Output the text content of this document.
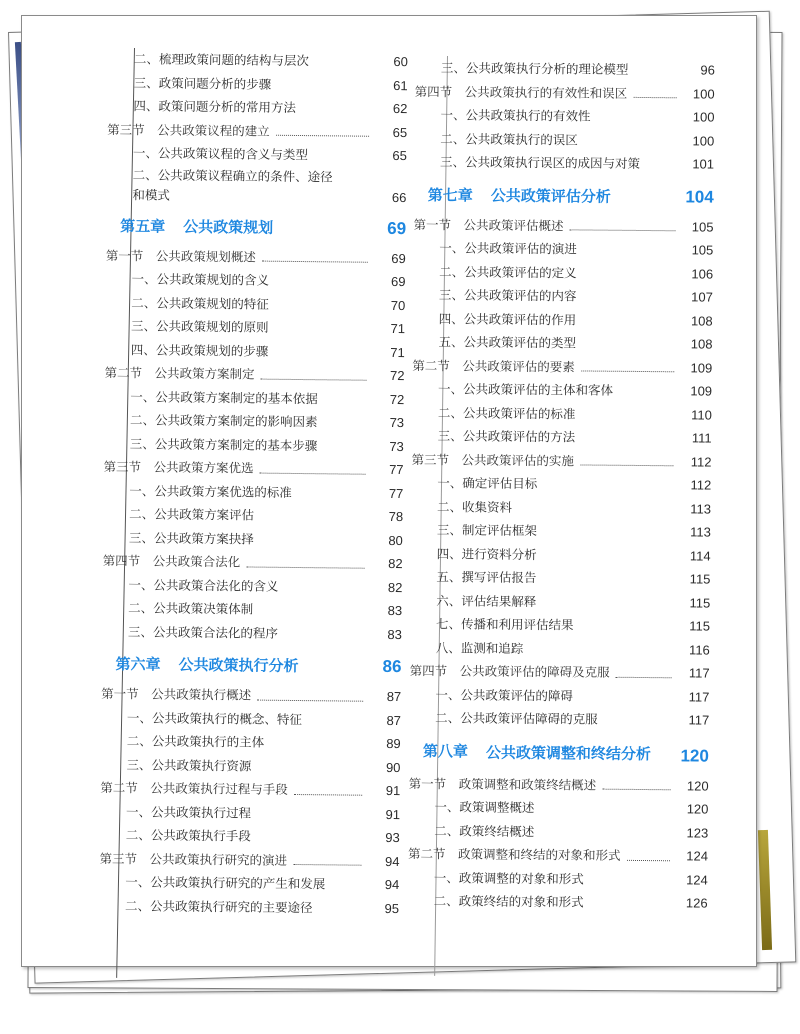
二、梳理政策问题的结构与层次	60
三、政策问题分析的步骤	61
四、政策问题分析的常用方法	62
第三节　公共政策议程的建立	65
一、公共政策议程的含义与类型	65
二、公共政策议程确立的条件、途径和模式	66
第五章 公共政策规划	69
第一节　公共政策规划概述	69
一、公共政策规划的含义	69
二、公共政策规划的特征	70
三、公共政策规划的原则	71
四、公共政策规划的步骤	71
第二节　公共政策方案制定	72
一、公共政策方案制定的基本依据	72
二、公共政策方案制定的影响因素	73
三、公共政策方案制定的基本步骤	73
第三节　公共政策方案优选	77
一、公共政策方案优选的标准	77
二、公共政策方案评估	78
三、公共政策方案抉择	80
第四节　公共政策合法化	82
一、公共政策合法化的含义	82
二、公共政策决策体制	83
三、公共政策合法化的程序	83
第六章 公共政策执行分析	86
第一节　公共政策执行概述	87
一、公共政策执行的概念、特征	87
二、公共政策执行的主体	89
三、公共政策执行资源	90
第二节　公共政策执行过程与手段	91
一、公共政策执行过程	91
二、公共政策执行手段	93
第三节　公共政策执行研究的演进	94
一、公共政策执行研究的产生和发展	94
二、公共政策执行研究的主要途径	95
三、公共政策执行分析的理论模型	96
第四节　公共政策执行的有效性和误区	100
一、公共政策执行的有效性	100
二、公共政策执行的误区	100
三、公共政策执行误区的成因与对策	101
第七章 公共政策评估分析	104
第一节　公共政策评估概述	105
一、公共政策评估的演进	105
二、公共政策评估的定义	106
三、公共政策评估的内容	107
四、公共政策评估的作用	108
五、公共政策评估的类型	108
第二节　公共政策评估的要素	109
一、公共政策评估的主体和客体	109
二、公共政策评估的标准	110
三、公共政策评估的方法	111
第三节　公共政策评估的实施	112
一、确定评估目标	112
二、收集资料	113
三、制定评估框架	113
四、进行资料分析	114
五、撰写评估报告	115
六、评估结果解释	115
七、传播和利用评估结果	115
八、监测和追踪	116
第四节　公共政策评估的障碍及克服	117
一、公共政策评估的障碍	117
二、公共政策评估障碍的克服	117
第八章 公共政策调整和终结分析	120
第一节　政策调整和政策终结概述	120
一、政策调整概述	120
二、政策终结概述	123
第二节　政策调整和终结的对象和形式	124
一、政策调整的对象和形式	124
二、政策终结的对象和形式	126
